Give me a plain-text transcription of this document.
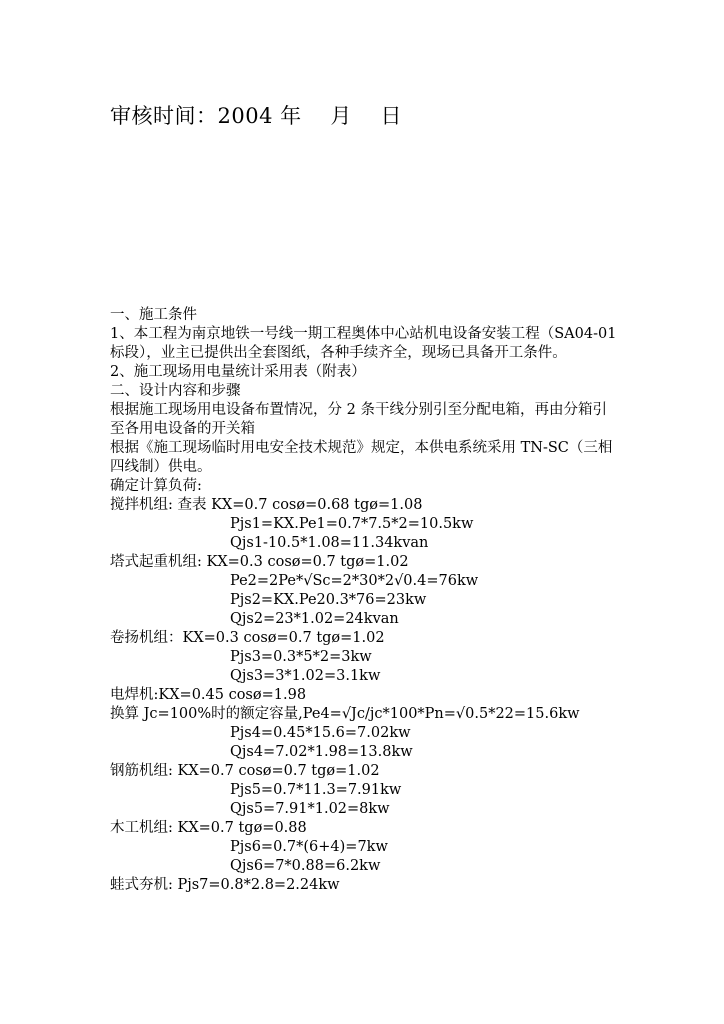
审核时间：2004 年    月    日
一、施工条件
1、本工程为南京地铁一号线一期工程奥体中心站机电设备安装工程（SA04-01 标段），业主已提供出全套图纸，各种手续齐全，现场已具备开工条件。
2、施工现场用电量统计采用表（附表）
二、设计内容和步骤
根据施工现场用电设备布置情况，分 2 条干线分别引至分配电箱，再由分箱引至各用电设备的开关箱
根据《施工现场临时用电安全技术规范》规定，本供电系统采用 TN-SC（三相四线制）供电。
确定计算负荷:
搅拌机组: 查表 KX=0.7 cosø=0.68 tgø=1.08
Pjs1=KX.Pe1=0.7*7.5*2=10.5kw
Qjs1-10.5*1.08=11.34kvan
塔式起重机组: KX=0.3 cosø=0.7 tgø=1.02
Pe2=2Pe*√Sc=2*30*2√0.4=76kw
Pjs2=KX.Pe20.3*76=23kw
Qjs2=23*1.02=24kvan
卷扬机组：KX=0.3 cosø=0.7 tgø=1.02
Pjs3=0.3*5*2=3kw
Qjs3=3*1.02=3.1kw
电焊机:KX=0.45 cosø=1.98
换算 Jc=100%时的额定容量,Pe4=√Jc/jc*100*Pn=√0.5*22=15.6kw
Pjs4=0.45*15.6=7.02kw
Qjs4=7.02*1.98=13.8kw
钢筋机组: KX=0.7 cosø=0.7 tgø=1.02
Pjs5=0.7*11.3=7.91kw
Qjs5=7.91*1.02=8kw
木工机组: KX=0.7 tgø=0.88
Pjs6=0.7*(6+4)=7kw
Qjs6=7*0.88=6.2kw
蛙式夯机: Pjs7=0.8*2.8=2.24kw
